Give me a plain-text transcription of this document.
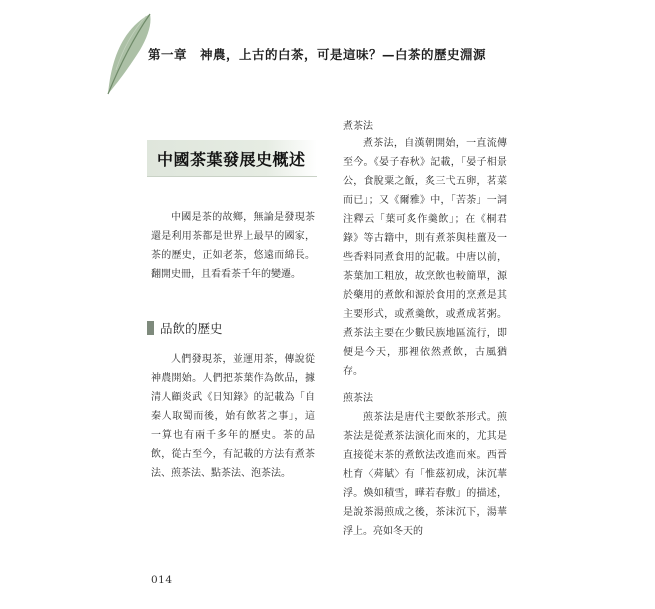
第一章　神農，上古的白茶，可是這味？—白茶的歷史淵源
中國茶葉發展史概述

中國是茶的故鄉，無論是發現茶還是利用茶都是世界上最早的國家，茶的歷史，正如老茶，悠遠而綿長。翻開史冊，且看看茶千年的變遷。

品飲的歷史

人們發現茶，並運用茶，傳說從神農開始。人們把茶葉作為飲品，據清人顧炎武《日知錄》的記載為「自秦人取蜀而後，始有飲茗之事」，這一算也有兩千多年的歷史。茶的品飲，從古至今，有記載的方法有煮茶法、煎茶法、點茶法、泡茶法。

煮茶法

煮茶法，自漢朝開始，一直流傳至今。《晏子春秋》記載，「晏子相景公，食脫粟之飯，炙三弋五卵，茗菜而已」；又《爾雅》中，「苦荼」一詞注釋云「葉可炙作羹飲」；在《桐君錄》等古籍中，則有煮茶與桂薑及一些香料同煮食用的記載。中唐以前，茶葉加工粗放，故烹飲也較簡單，源於藥用的煮飲和源於食用的烹煮是其主要形式，或煮羹飲，或煮成茗粥。煮茶法主要在少數民族地區流行，即便是今天，那裡依然煮飲，古風猶存。

煎茶法

煎茶法是唐代主要飲茶形式。煎茶法是從煮茶法演化而來的，尤其是直接從末茶的煮飲法改進而來。西晉杜育〈荈賦〉有「惟茲初成，沫沉華浮。煥如積雪，曄若春敷」的描述，是說茶湯煎成之後，茶沫沉下，湯華浮上。亮如冬天的

014
